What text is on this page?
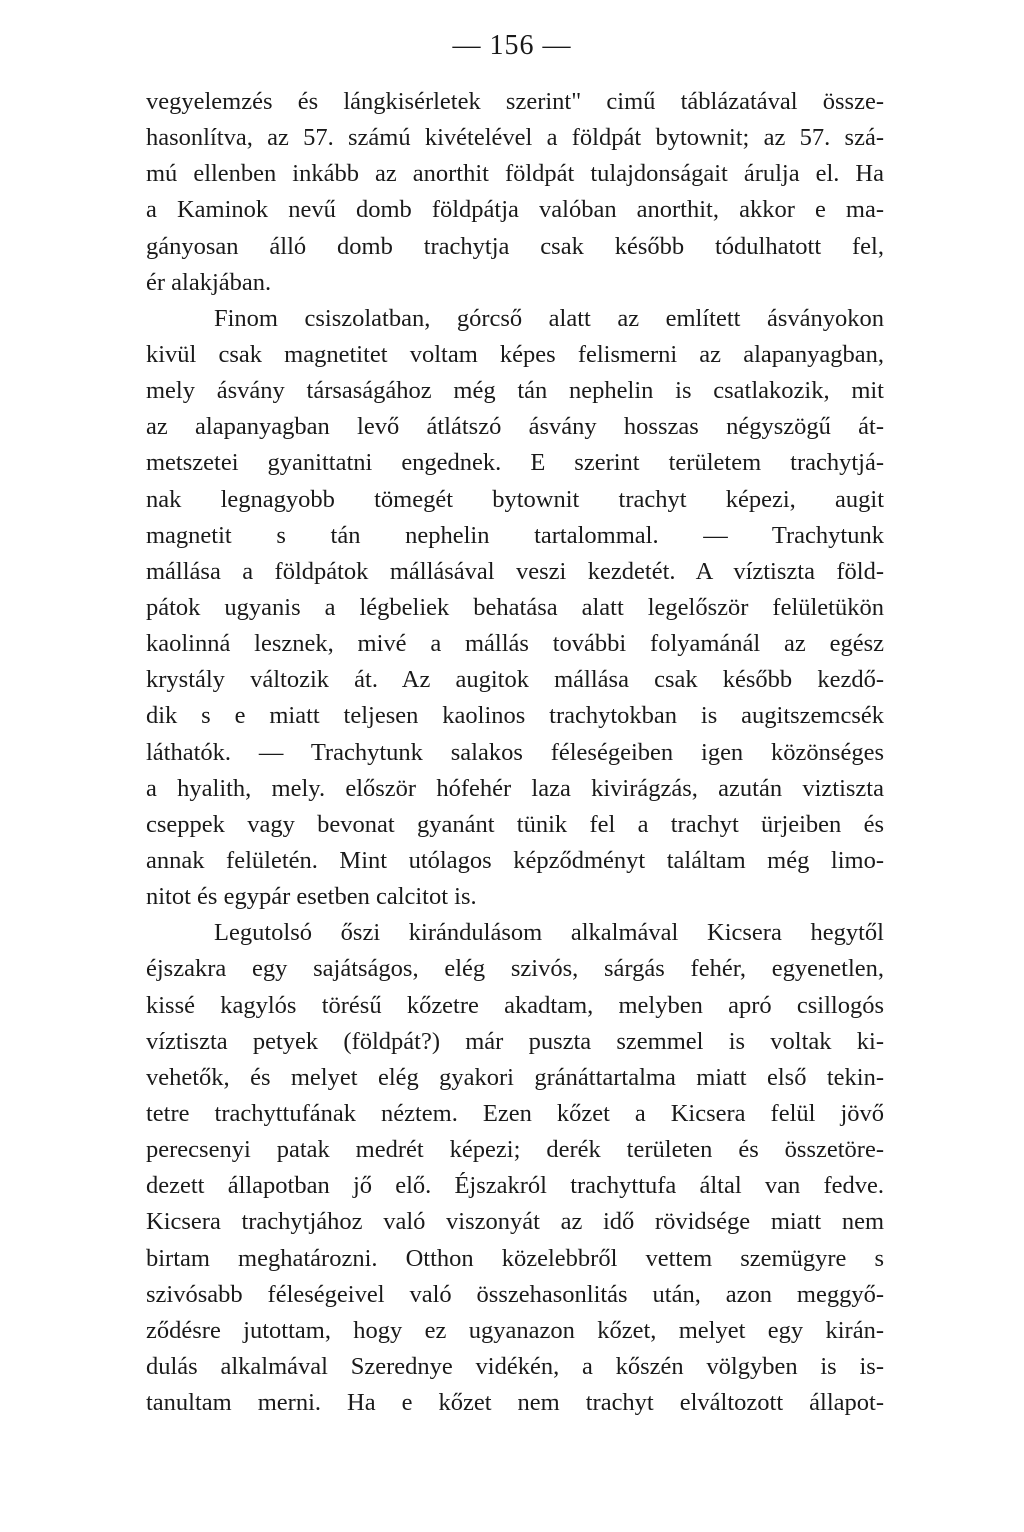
— 156 —
vegyelemzés és lángkisérletek szerint" cimű táblázatával össze-
hasonlítva, az 57. számú kivételével a földpát bytownit; az 57. szá-
mú ellenben inkább az anorthit földpát tulajdonságait árulja el. Ha
a Kaminok nevű domb földpátja valóban anorthit, akkor e ma-
gányosan álló domb trachytja csak később tódulhatott fel,
ér alakjában.
Finom csiszolatban, górcső alatt az említett ásványokon
kivül csak magnetitet voltam képes felismerni az alapanyagban,
mely ásvány társaságához még tán nephelin is csatlakozik, mit
az alapanyagban levő átlátszó ásvány hosszas négyszögű át-
metszetei gyanittatni engednek. E szerint területem trachytjá-
nak legnagyobb tömegét bytownit trachyt képezi, augit
magnetit s tán nephelin tartalommal. — Trachytunk
mállása a földpátok mállásával veszi kezdetét. A víztiszta föld-
pátok ugyanis a légbeliek behatása alatt legelőször felületükön
kaolinná lesznek, mivé a mállás további folyamánál az egész
krystály változik át. Az augitok mállása csak később kezdő-
dik s e miatt teljesen kaolinos trachytokban is augitszemcsék
láthatók. — Trachytunk salakos féleségeiben igen közönséges
a hyalith, mely. először hófehér laza kivirágzás, azután viztiszta
cseppek vagy bevonat gyanánt tünik fel a trachyt ürjeiben és
annak felületén. Mint utólagos képződményt találtam még limo-
nitot és egypár esetben calcitot is.
Legutolsó őszi kirándulásom alkalmával Kicsera hegytől
éjszakra egy sajátságos, elég szivós, sárgás fehér, egyenetlen,
kissé kagylós törésű kőzetre akadtam, melyben apró csillogós
víztiszta petyek (földpát?) már puszta szemmel is voltak ki-
vehetők, és melyet elég gyakori gránáttartalma miatt első tekin-
tetre trachyttufának néztem. Ezen kőzet a Kicsera felül jövő
perecsenyi patak medrét képezi; derék területen és összetöre-
dezett állapotban jő elő. Éjszakról trachyttufa által van fedve.
Kicsera trachytjához való viszonyát az idő rövidsége miatt nem
birtam meghatározni. Otthon közelebbről vettem szemügyre s
szivósabb féleségeivel való összehasonlitás után, azon meggyő-
ződésre jutottam, hogy ez ugyanazon kőzet, melyet egy kirán-
dulás alkalmával Szerednye vidékén, a kőszén völgyben is is-
tanultam merni. Ha e kőzet nem trachyt elváltozott állapot-
